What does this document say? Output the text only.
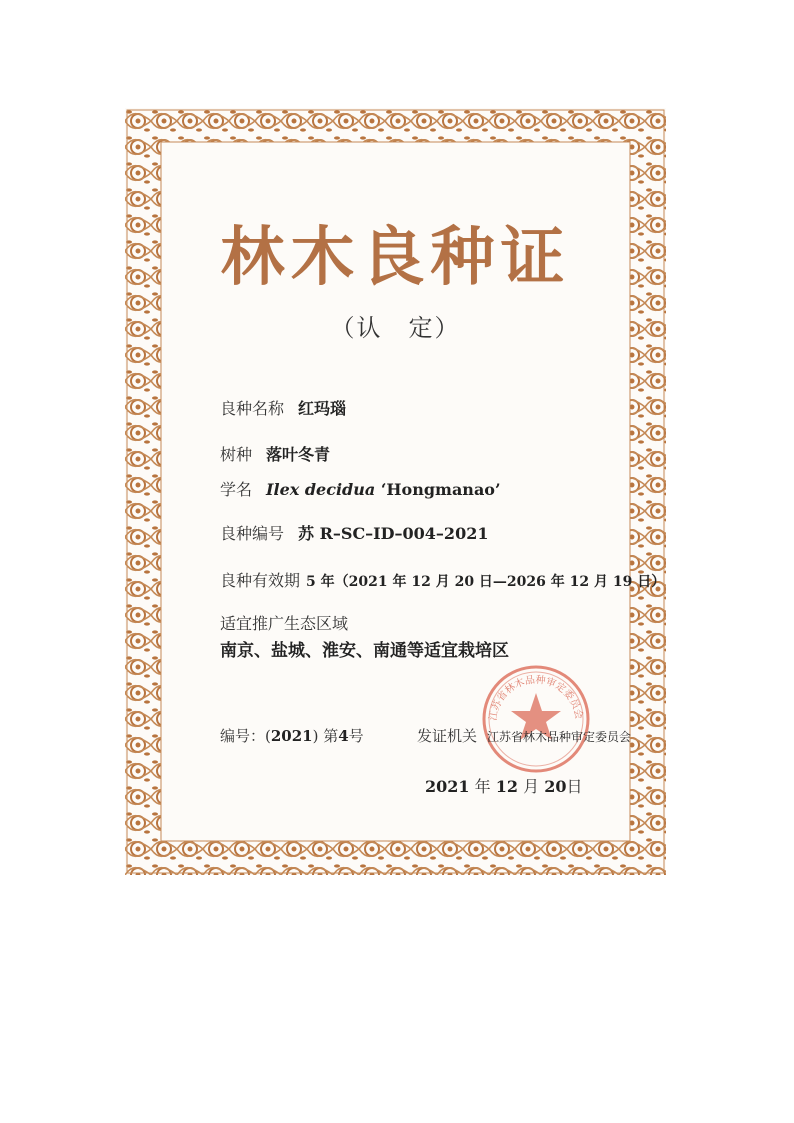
林木良种证
（认　定）
良种名称 红玛瑙
树种 落叶冬青
学名 Ilex decidua ‘Hongmanao’
良种编号 苏 R–SC–ID–004–2021
良种有效期 5 年（2021 年 12 月 20 日—2026 年 12 月 19 日）
适宜推广生态区域
南京、盐城、淮安、南通等适宜栽培区
江苏省林木品种审定委员会
编号：(2021) 第4号	发证机关 江苏省林木品种审定委员会
2021 年 12 月 20日
